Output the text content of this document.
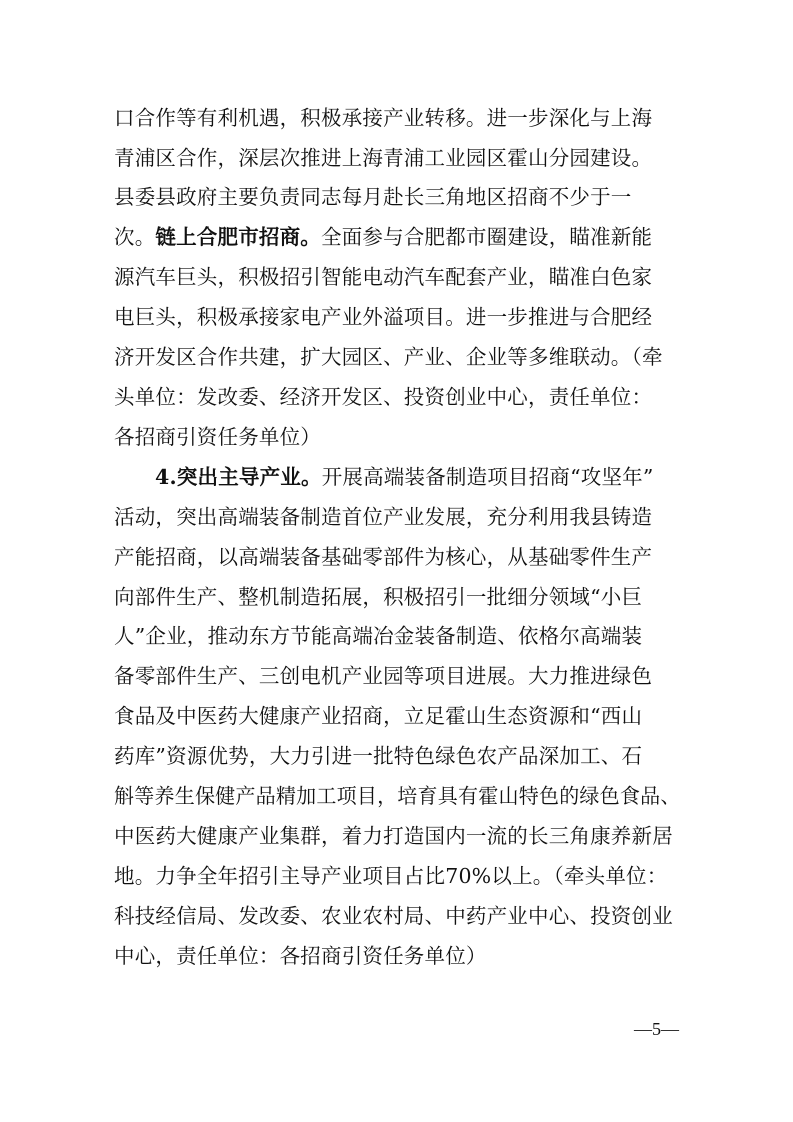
口合作等有利机遇，积极承接产业转移。进一步深化与上海
青浦区合作，深层次推进上海青浦工业园区霍山分园建设。
县委县政府主要负责同志每月赴长三角地区招商不少于一
次。链上合肥市招商。全面参与合肥都市圈建设，瞄准新能
源汽车巨头，积极招引智能电动汽车配套产业，瞄准白色家
电巨头，积极承接家电产业外溢项目。进一步推进与合肥经
济开发区合作共建，扩大园区、产业、企业等多维联动。（牵
头单位：发改委、经济开发区、投资创业中心，责任单位：
各招商引资任务单位）
4.突出主导产业。开展高端装备制造项目招商“攻坚年”
活动，突出高端装备制造首位产业发展，充分利用我县铸造
产能招商，以高端装备基础零部件为核心，从基础零件生产
向部件生产、整机制造拓展，积极招引一批细分领域“小巨
人”企业，推动东方节能高端冶金装备制造、依格尔高端装
备零部件生产、三创电机产业园等项目进展。大力推进绿色
食品及中医药大健康产业招商，立足霍山生态资源和“西山
药库”资源优势，大力引进一批特色绿色农产品深加工、石
斛等养生保健产品精加工项目，培育具有霍山特色的绿色食品、
中医药大健康产业集群，着力打造国内一流的长三角康养新居
地。力争全年招引主导产业项目占比70%以上。（牵头单位：
科技经信局、发改委、农业农村局、中药产业中心、投资创业
中心，责任单位：各招商引资任务单位）
—5—
